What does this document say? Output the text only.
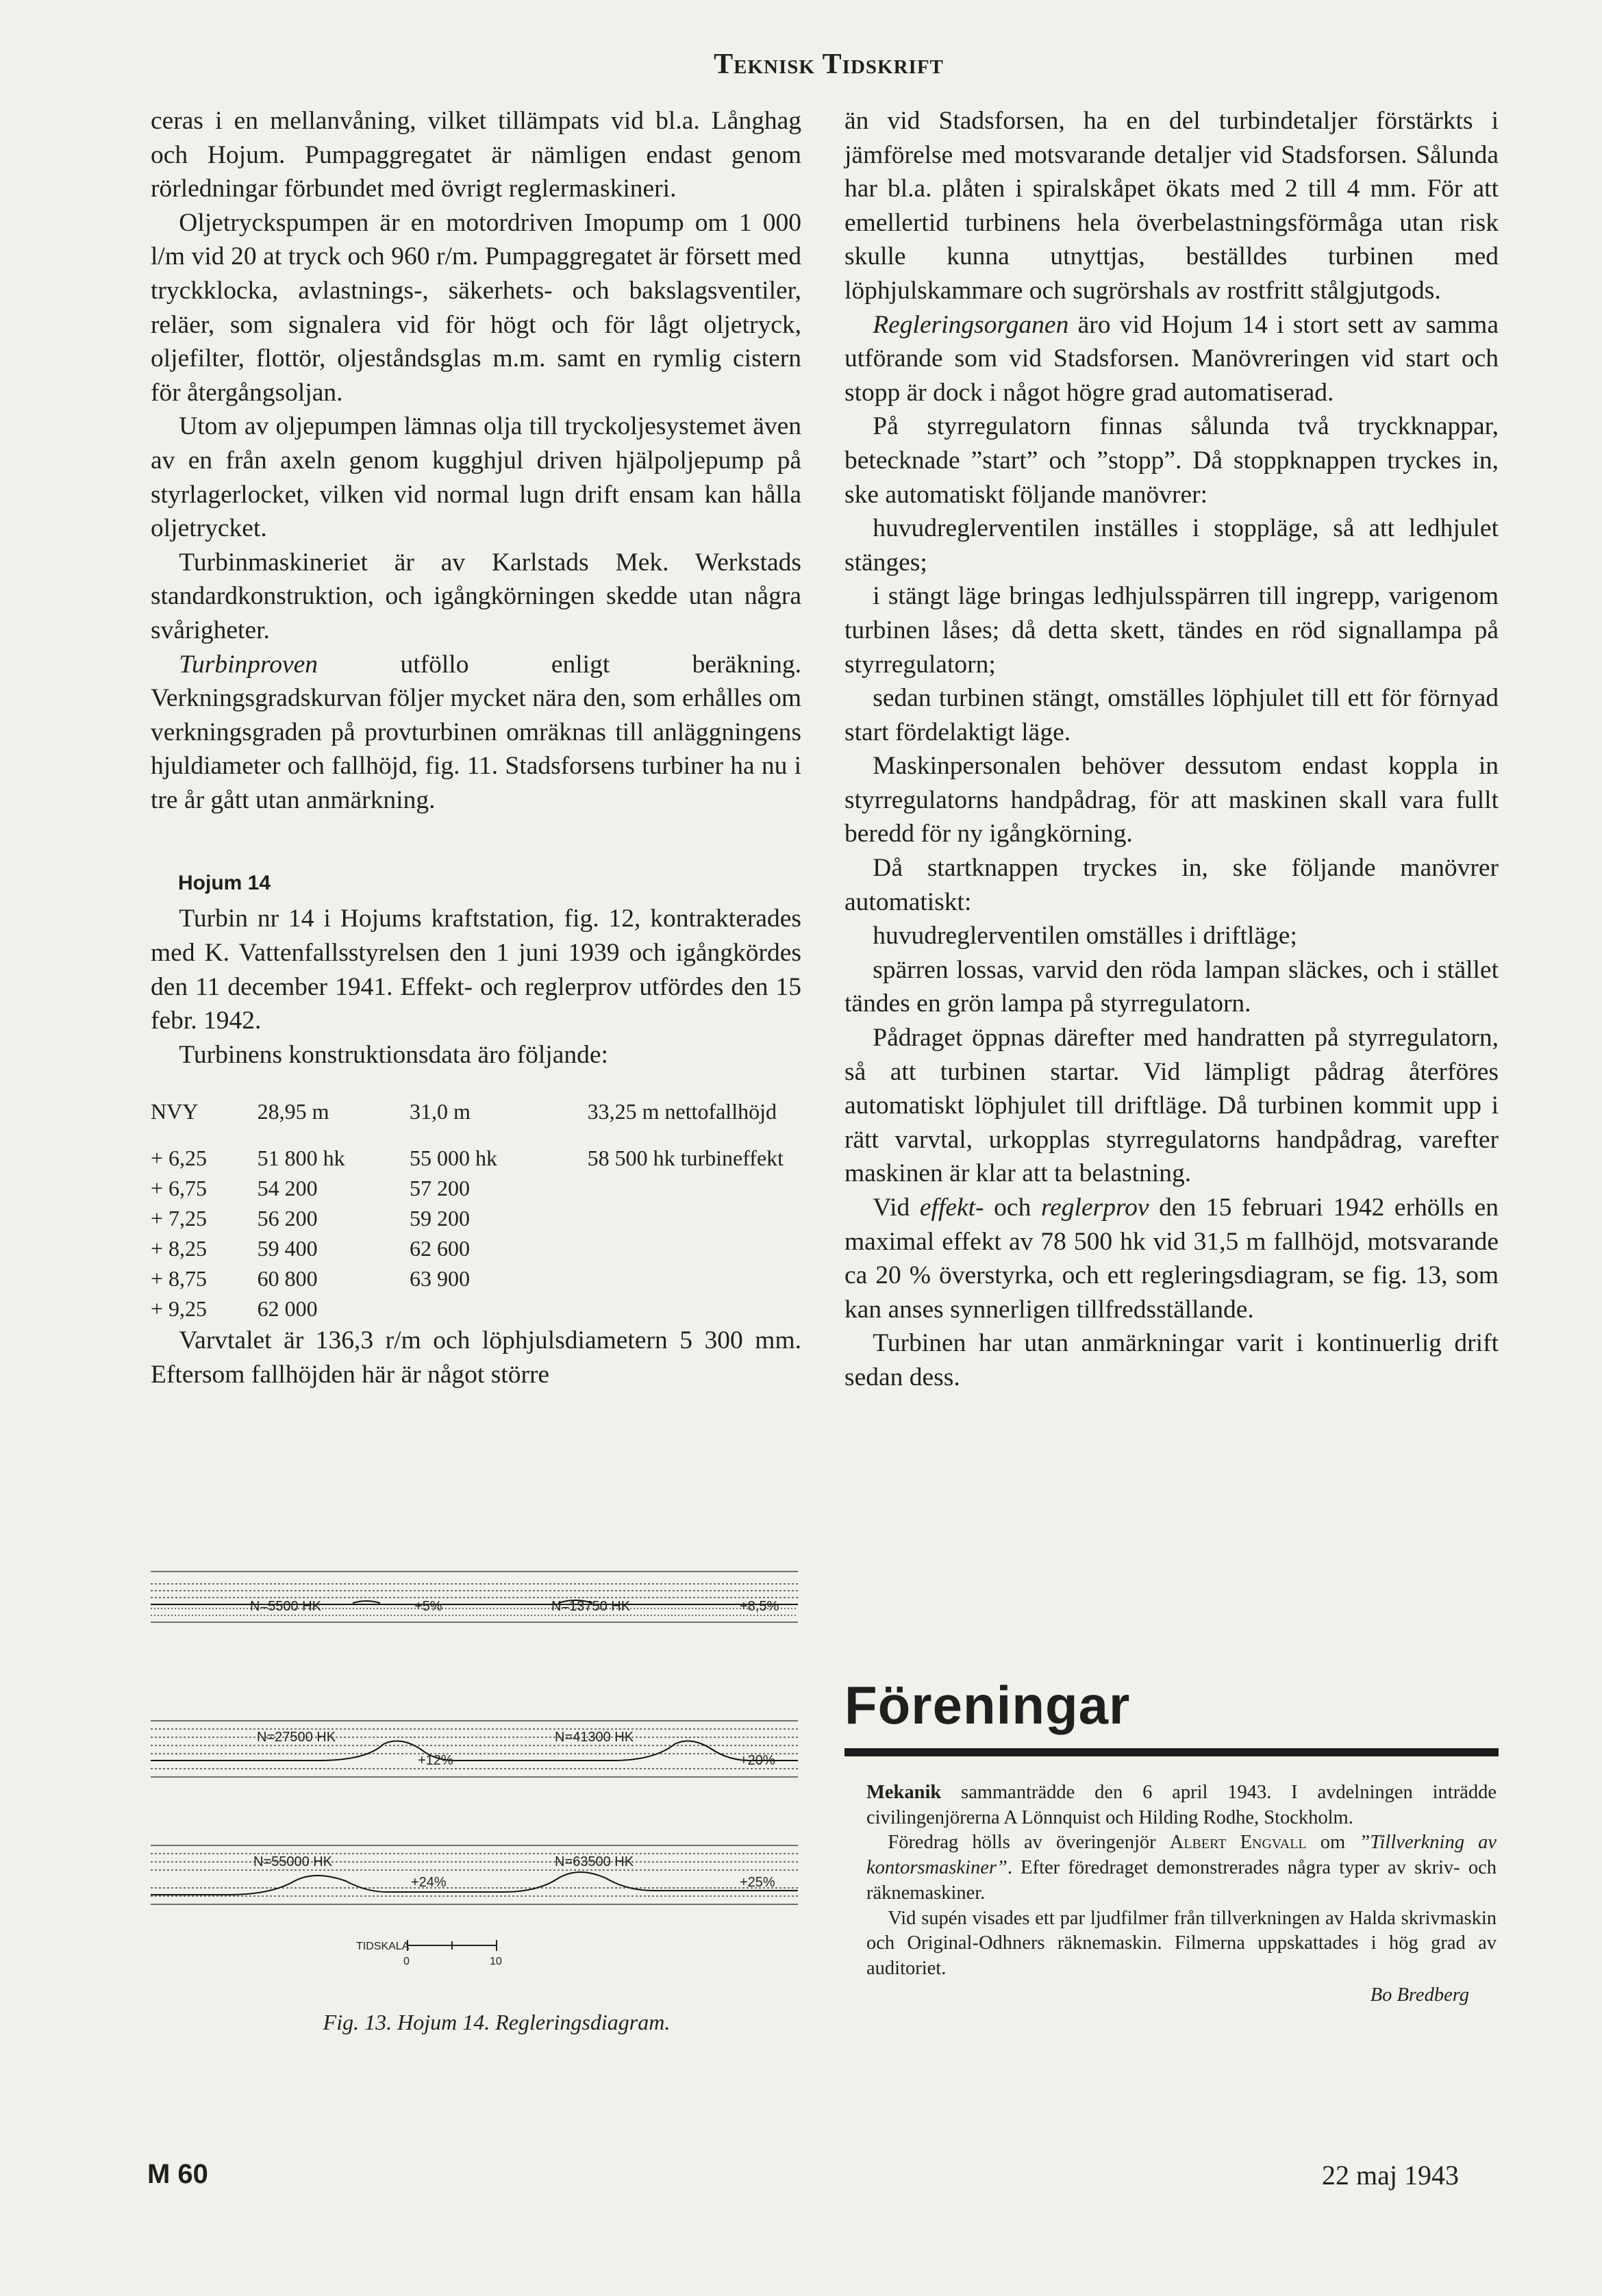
Teknisk Tidskrift

ceras i en mellanvåning, vilket tillämpats vid bl.a. Långhag och Hojum. Pumpaggregatet är nämligen endast genom rörledningar förbundet med övrigt reglermaskineri.

Oljetryckspumpen är en motordriven Imopump om 1 000 l/m vid 20 at tryck och 960 r/m. Pumpaggregatet är försett med tryckklocka, avlastnings-, säkerhets- och bakslagsventiler, reläer, som signalera vid för högt och för lågt oljetryck, oljefilter, flottör, oljeståndsglas m.m. samt en rymlig cistern för återgångsoljan.

Utom av oljepumpen lämnas olja till tryckoljesystemet även av en från axeln genom kugghjul driven hjälpoljepump på styrlagerlocket, vilken vid normal lugn drift ensam kan hålla oljetrycket.

Turbinmaskineriet är av Karlstads Mek. Werkstads standardkonstruktion, och igångkörningen skedde utan några svårigheter.

Turbinproven utföllo enligt beräkning. Verkningsgradskurvan följer mycket nära den, som erhålles om verkningsgraden på provturbinen omräknas till anläggningens hjuldiameter och fallhöjd, fig. 11. Stadsforsens turbiner ha nu i tre år gått utan anmärkning.

Hojum 14

Turbin nr 14 i Hojums kraftstation, fig. 12, kontrakterades med K. Vattenfallsstyrelsen den 1 juni 1939 och igångkördes den 11 december 1941. Effekt- och reglerprov utfördes den 15 febr. 1942.

Turbinens konstruktionsdata äro följande:

NVY	28,95 m	31,0 m	33,25 m nettofallhöjd
+ 6,25	51 800 hk	55 000 hk	58 500 hk turbineffekt
+ 6,75	54 200	57 200	
+ 7,25	56 200	59 200	
+ 8,25	59 400	62 600	
+ 8,75	60 800	63 900	
+ 9,25	62 000		

Varvtalet är 136,3 r/m och löphjulsdiametern 5 300 mm. Eftersom fallhöjden här är något större

N=5500 HK	+5%	N=13750 HK	+8,5%
N=27500 HK
+12%
N=41300 HK
+20%
N=55000 HK
+24%
N=63500 HK
+25%
TIDSKALA
0	10
Fig. 13. Hojum 14. Regleringsdiagram.

än vid Stadsforsen, ha en del turbindetaljer förstärkts i jämförelse med motsvarande detaljer vid Stadsforsen. Sålunda har bl.a. plåten i spiralskåpet ökats med 2 till 4 mm. För att emellertid turbinens hela överbelastningsförmåga utan risk skulle kunna utnyttjas, beställdes turbinen med löphjulskammare och sugrörshals av rostfritt stålgjutgods.

Regleringsorganen äro vid Hojum 14 i stort sett av samma utförande som vid Stadsforsen. Manövreringen vid start och stopp är dock i något högre grad automatiserad.

På styrregulatorn finnas sålunda två tryckknappar, betecknade ”start” och ”stopp”. Då stoppknappen tryckes in, ske automatiskt följande manövrer:

huvudreglerventilen inställes i stoppläge, så att ledhjulet stänges;

i stängt läge bringas ledhjulsspärren till ingrepp, varigenom turbinen låses; då detta skett, tändes en röd signallampa på styrregulatorn;

sedan turbinen stängt, omställes löphjulet till ett för förnyad start fördelaktigt läge.

Maskinpersonalen behöver dessutom endast koppla in styrregulatorns handpådrag, för att maskinen skall vara fullt beredd för ny igångkörning.

Då startknappen tryckes in, ske följande manövrer automatiskt:

huvudreglerventilen omställes i driftläge;

spärren lossas, varvid den röda lampan släckes, och i stället tändes en grön lampa på styrregulatorn.

Pådraget öppnas därefter med handratten på styrregulatorn, så att turbinen startar. Vid lämpligt pådrag återföres automatiskt löphjulet till driftläge. Då turbinen kommit upp i rätt varvtal, urkopplas styrregulatorns handpådrag, varefter maskinen är klar att ta belastning.

Vid effekt- och reglerprov den 15 februari 1942 erhölls en maximal effekt av 78 500 hk vid 31,5 m fallhöjd, motsvarande ca 20 % överstyrka, och ett regleringsdiagram, se fig. 13, som kan anses synnerligen tillfredsställande.

Turbinen har utan anmärkningar varit i kontinuerlig drift sedan dess.

Föreningar

Mekanik sammanträdde den 6 april 1943. I avdelningen inträdde civilingenjörerna A Lönnquist och Hilding Rodhe, Stockholm.

Föredrag hölls av överingenjör Albert Engvall om ”Tillverkning av kontorsmaskiner”. Efter föredraget demonstrerades några typer av skriv- och räknemaskiner.

Vid supén visades ett par ljudfilmer från tillverkningen av Halda skrivmaskin och Original-Odhners räknemaskin. Filmerna uppskattades i hög grad av auditoriet.

Bo Bredberg
M 60	22 maj 1943
